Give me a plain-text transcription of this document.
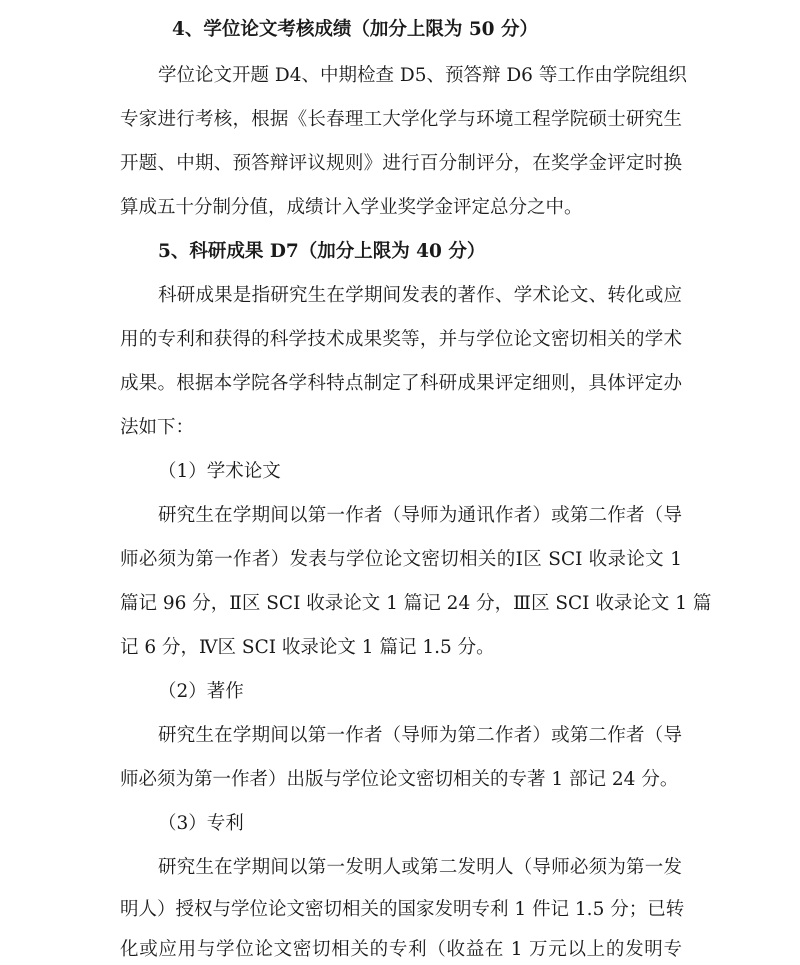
4、学位论文考核成绩（加分上限为 50 分）
学位论文开题 D4、中期检查 D5、预答辩 D6 等工作由学院组织
专家进行考核，根据《长春理工大学化学与环境工程学院硕士研究生
开题、中期、预答辩评议规则》进行百分制评分，在奖学金评定时换
算成五十分制分值，成绩计入学业奖学金评定总分之中。
5、科研成果 D7（加分上限为 40 分）
科研成果是指研究生在学期间发表的著作、学术论文、转化或应
用的专利和获得的科学技术成果奖等，并与学位论文密切相关的学术
成果。根据本学院各学科特点制定了科研成果评定细则，具体评定办
法如下：
（1）学术论文
研究生在学期间以第一作者（导师为通讯作者）或第二作者（导
师必须为第一作者）发表与学位论文密切相关的Ⅰ区 SCI 收录论文 1
篇记 96 分，Ⅱ区 SCI 收录论文 1 篇记 24 分，Ⅲ区 SCI 收录论文 1 篇
记 6 分，Ⅳ区 SCI 收录论文 1 篇记 1.5 分。
（2）著作
研究生在学期间以第一作者（导师为第二作者）或第二作者（导
师必须为第一作者）出版与学位论文密切相关的专著 1 部记 24 分。
（3）专利
研究生在学期间以第一发明人或第二发明人（导师必须为第一发
明人）授权与学位论文密切相关的国家发明专利 1 件记 1.5 分；已转
化或应用与学位论文密切相关的专利（收益在 1 万元以上的发明专
